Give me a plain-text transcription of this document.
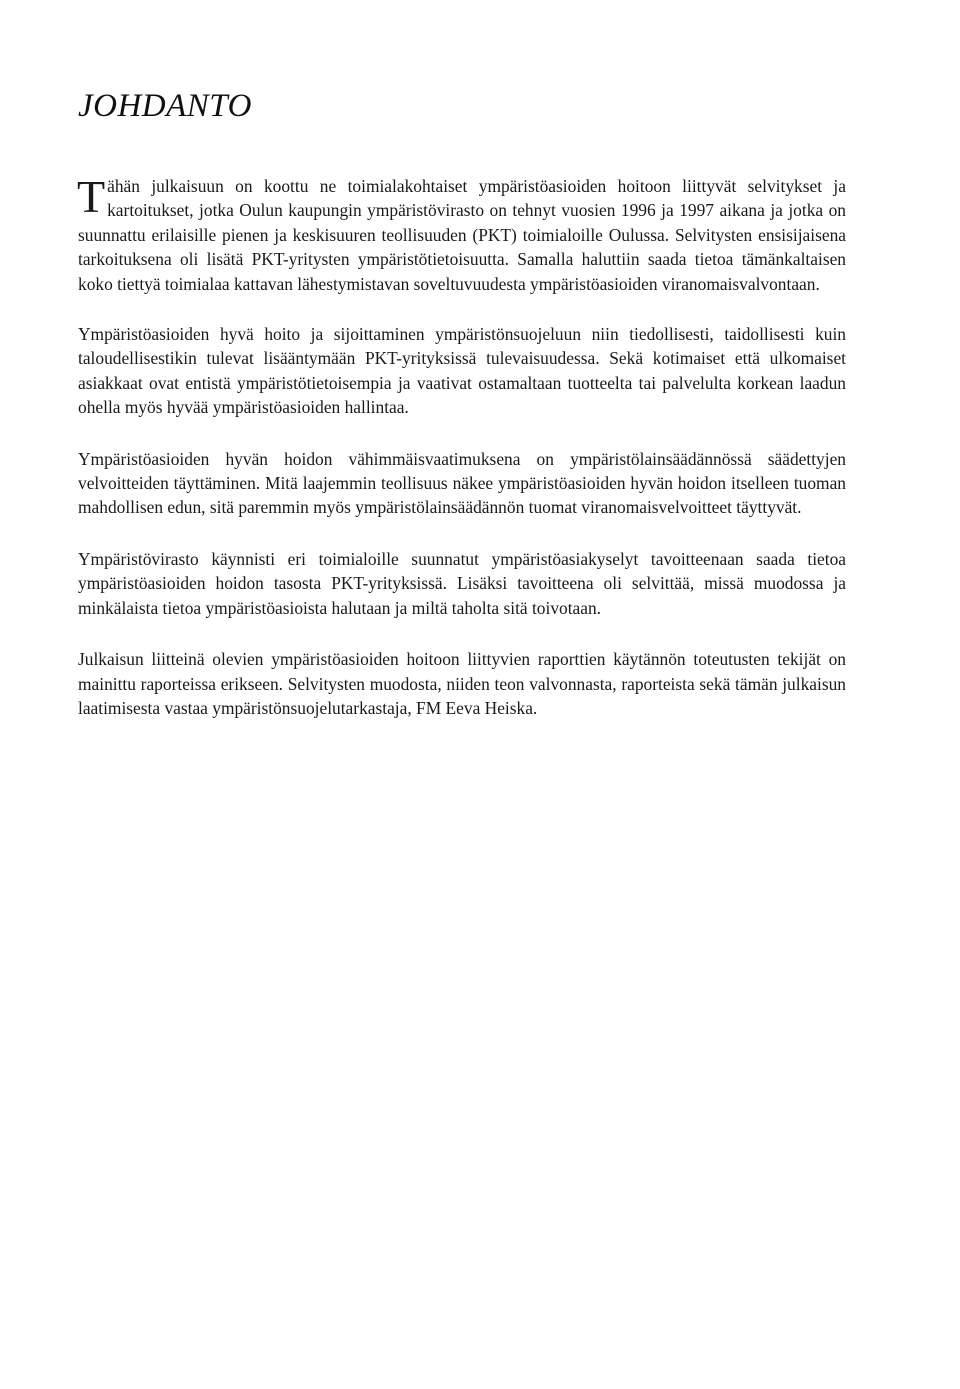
JOHDANTO

Tähän julkaisuun on koottu ne toimialakohtaiset ympäristöasioiden hoitoon liittyvät selvitykset ja kartoitukset, jotka Oulun kaupungin ympäristövirasto on tehnyt vuosien 1996 ja 1997 aikana ja jotka on suunnattu erilaisille pienen ja keskisuuren teollisuuden (PKT) toimialoille Oulussa. Selvitysten ensisijaisena tarkoituksena oli lisätä PKT-yritysten ympäristötietoisuutta. Samalla haluttiin saada tietoa tämänkaltaisen koko tiettyä toimialaa kattavan lähestymistavan soveltuvuudesta ympäristöasioiden viranomaisvalvontaan.

Ympäristöasioiden hyvä hoito ja sijoittaminen ympäristönsuojeluun niin tiedollisesti, taidollisesti kuin taloudellisestikin tulevat lisääntymään PKT-yrityksissä tulevaisuudessa. Sekä kotimaiset että ulkomaiset asiakkaat ovat entistä ympäristötietoisempia ja vaativat ostamaltaan tuotteelta tai palvelulta korkean laadun ohella myös hyvää ympäristöasioiden hallintaa.

Ympäristöasioiden hyvän hoidon vähimmäisvaatimuksena on ympäristölainsäädännössä säädettyjen velvoitteiden täyttäminen. Mitä laajemmin teollisuus näkee ympäristöasioiden hyvän hoidon itselleen tuoman mahdollisen edun, sitä paremmin myös ympäristölainsäädännön tuomat viranomaisvelvoitteet täyttyvät.

Ympäristövirasto käynnisti eri toimialoille suunnatut ympäristöasiakyselyt tavoitteenaan saada tietoa ympäristöasioiden hoidon tasosta PKT-yrityksissä. Lisäksi tavoitteena oli selvittää, missä muodossa ja minkälaista tietoa ympäristöasioista halutaan ja miltä taholta sitä toivotaan.

Julkaisun liitteinä olevien ympäristöasioiden hoitoon liittyvien raporttien käytännön toteutusten tekijät on mainittu raporteissa erikseen. Selvitysten muodosta, niiden teon valvonnasta, raporteista sekä tämän julkaisun laatimisesta vastaa ympäristönsuojelutarkastaja, FM Eeva Heiska.
